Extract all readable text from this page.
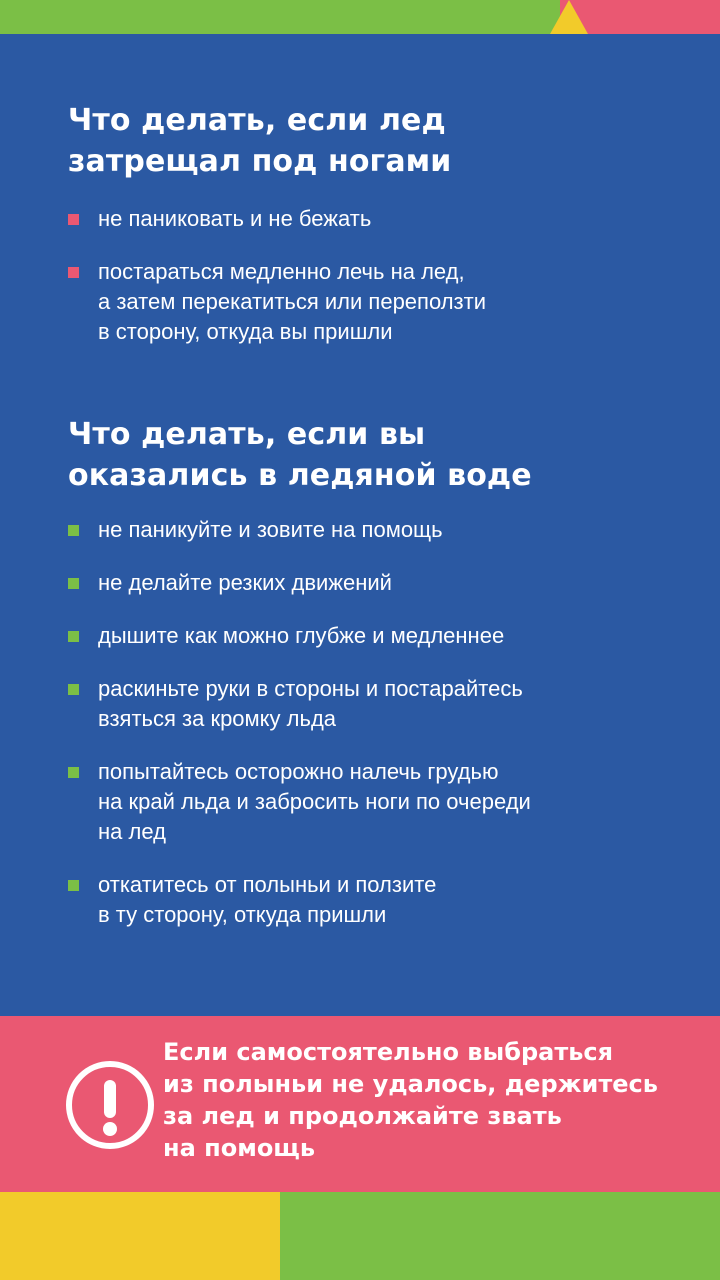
Что делать, если лед
затрещал под ногами
не паниковать и не бежать
постараться медленно лечь на лед,
а затем перекатиться или переползти
в сторону, откуда вы пришли
Что делать, если вы
оказались в ледяной воде
не паникуйте и зовите на помощь
не делайте резких движений
дышите как можно глубже и медленнее
раскиньте руки в стороны и постарайтесь
взяться за кромку льда
попытайтесь осторожно налечь грудью
на край льда и забросить ноги по очереди
на лед
откатитесь от полыньи и ползите
в ту сторону, откуда пришли
Если самостоятельно выбраться
из полыньи не удалось, держитесь
за лед и продолжайте звать
на помощь
